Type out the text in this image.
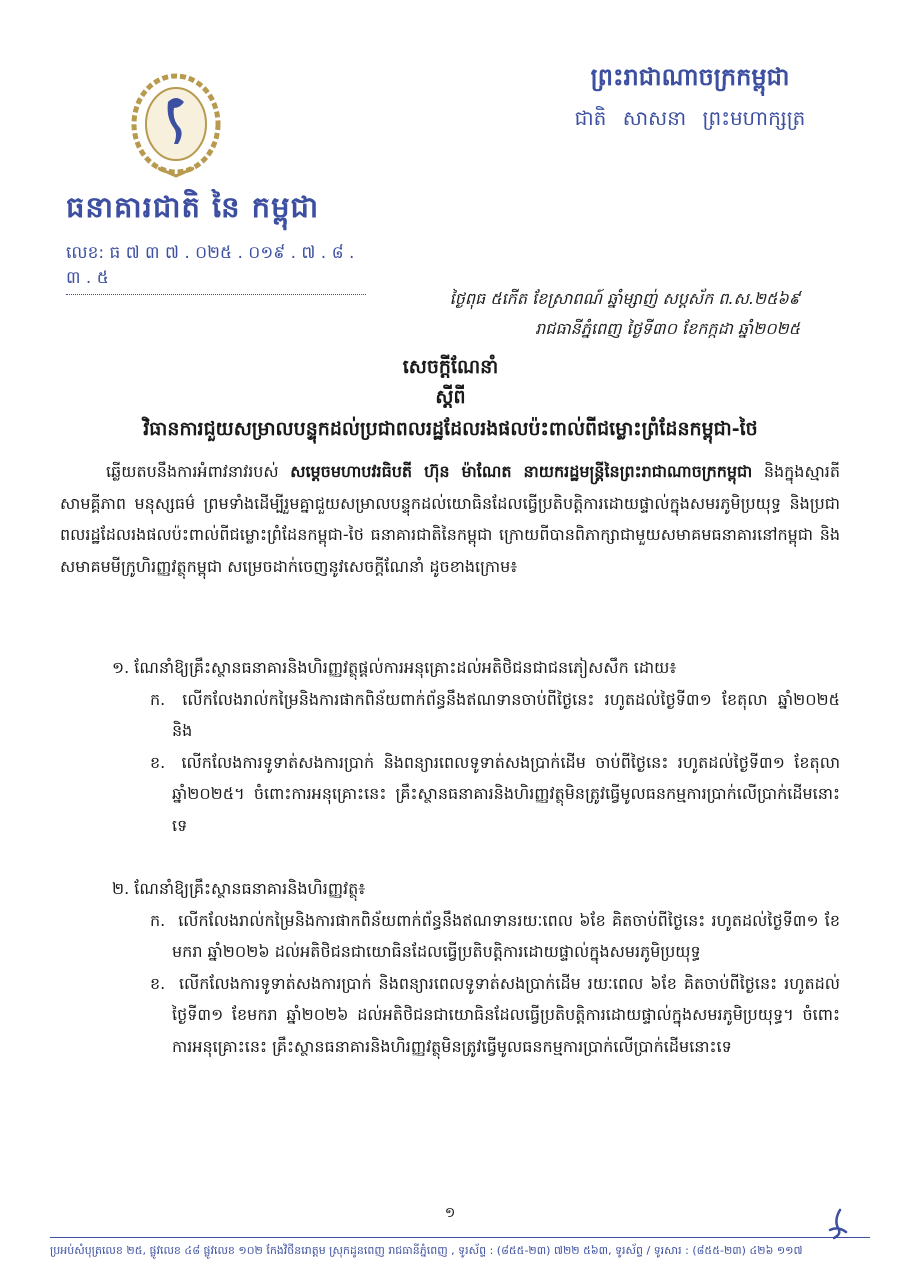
ធនាគារជាតិ នៃ កម្ពុជា
លេខ: ធ ៧ ៣ ៧ . ០២៥ . ០១៩ . ៧ . ៨ . ៣ . ៥
ព្រះរាជាណាចក្រកម្ពុជា
ជាតិ សាសនា ព្រះមហាក្សត្រ
ថ្ងៃពុធ ៥កើត ខែស្រាពណ៍ ឆ្នាំម្សាញ់ សប្តស័ក ព.ស.២៥៦៩
រាជធានីភ្នំពេញ ថ្ងៃទី៣០ ខែកក្កដា ឆ្នាំ២០២៥
សេចក្តីណែនាំ
ស្តីពី
វិធានការជួយសម្រាលបន្ទុកដល់ប្រជាពលរដ្ឋដែលរងផលប៉ះពាល់ពីជម្លោះព្រំដែនកម្ពុជា-ថៃ

ឆ្លើយតបនឹងការអំពាវនាវរបស់ សម្តេចមហាបវរធិបតី ហ៊ុន ម៉ាណែត នាយករដ្ឋមន្ត្រីនៃព្រះរាជាណាចក្រកម្ពុជា និងក្នុងស្មារតីសាមគ្គីភាព មនុស្សធម៌ ព្រមទាំងដើម្បីរួមគ្នាជួយសម្រាលបន្ទុកដល់យោធិនដែលធ្វើប្រតិបត្តិការដោយផ្ទាល់ក្នុងសមរភូមិប្រយុទ្ធ និងប្រជាពលរដ្ឋដែលរងផលប៉ះពាល់ពីជម្លោះព្រំដែនកម្ពុជា-ថៃ ធនាគារជាតិនៃកម្ពុជា ក្រោយពីបានពិភាក្សាជាមួយសមាគមធនាគារនៅកម្ពុជា និងសមាគមមីក្រូហិរញ្ញវត្ថុកម្ពុជា សម្រេចដាក់ចេញនូវសេចក្តីណែនាំ ដូចខាងក្រោម៖

១. ណែនាំឱ្យគ្រឹះស្ថានធនាគារនិងហិរញ្ញវត្ថុផ្តល់ការអនុគ្រោះដល់អតិថិជនជាជនភៀសសឹក ដោយ៖
ក. លើកលែងរាល់កម្រៃនិងការផាកពិន័យពាក់ព័ន្ធនឹងឥណទានចាប់ពីថ្ងៃនេះ រហូតដល់ថ្ងៃទី៣១ ខែតុលា ឆ្នាំ២០២៥ និង
ខ. លើកលែងការទូទាត់សងការប្រាក់ និងពន្យារពេលទូទាត់សងប្រាក់ដើម ចាប់ពីថ្ងៃនេះ រហូតដល់ថ្ងៃទី៣១ ខែតុលា ឆ្នាំ២០២៥។ ចំពោះការអនុគ្រោះនេះ គ្រឹះស្ថានធនាគារនិងហិរញ្ញវត្ថុមិនត្រូវធ្វើមូលធនកម្មការប្រាក់លើប្រាក់ដើមនោះទេ
២. ណែនាំឱ្យគ្រឹះស្ថានធនាគារនិងហិរញ្ញវត្ថុ៖
ក. លើកលែងរាល់កម្រៃនិងការផាកពិន័យពាក់ព័ន្ធនឹងឥណទានរយៈពេល ៦ខែ គិតចាប់ពីថ្ងៃនេះ រហូតដល់ថ្ងៃទី៣១ ខែមករា ឆ្នាំ២០២៦ ដល់អតិថិជនជាយោធិនដែលធ្វើប្រតិបត្តិការដោយផ្ទាល់ក្នុងសមរភូមិប្រយុទ្ធ
ខ. លើកលែងការទូទាត់សងការប្រាក់ និងពន្យារពេលទូទាត់សងប្រាក់ដើម រយៈពេល ៦ខែ គិតចាប់ពីថ្ងៃនេះ រហូតដល់ថ្ងៃទី៣១ ខែមករា ឆ្នាំ២០២៦ ដល់អតិថិជនជាយោធិនដែលធ្វើប្រតិបត្តិការដោយផ្ទាល់ក្នុងសមរភូមិប្រយុទ្ធ។ ចំពោះការអនុគ្រោះនេះ គ្រឹះស្ថានធនាគារនិងហិរញ្ញវត្ថុមិនត្រូវធ្វើមូលធនកម្មការប្រាក់លើប្រាក់ដើមនោះទេ
១
ប្រអប់សំបុត្រលេខ ២៥, ផ្លូវលេខ ៤៨ ផ្លូវលេខ ១០២ កែងវិថីនរោត្តម ស្រុកដូនពេញ រាជធានីភ្នំពេញ , ទូរស័ព្ទ : (៨៥៥-២៣) ៧២២ ៥៦៣, ទូរស័ព្ទ / ទូរសារ : (៨៥៥-២៣) ៤២៦ ១១៧
